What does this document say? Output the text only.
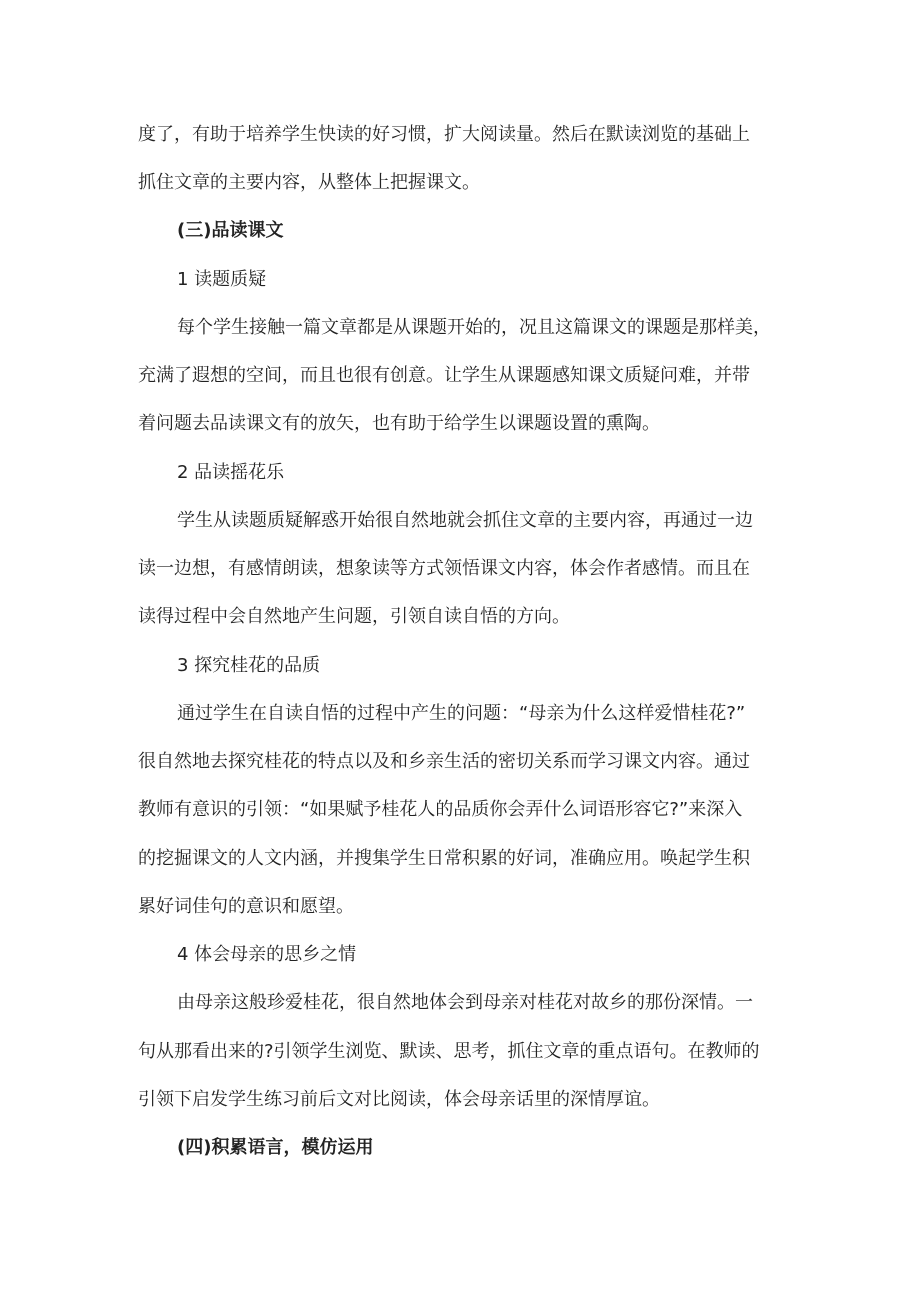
度了，有助于培养学生快读的好习惯，扩大阅读量。然后在默读浏览的基础上
抓住文章的主要内容，从整体上把握课文。
(三)品读课文
1 读题质疑
每个学生接触一篇文章都是从课题开始的，况且这篇课文的课题是那样美，
充满了遐想的空间，而且也很有创意。让学生从课题感知课文质疑问难，并带
着问题去品读课文有的放矢，也有助于给学生以课题设置的熏陶。
2 品读摇花乐
学生从读题质疑解惑开始很自然地就会抓住文章的主要内容，再通过一边
读一边想，有感情朗读，想象读等方式领悟课文内容，体会作者感情。而且在
读得过程中会自然地产生问题，引领自读自悟的方向。
3 探究桂花的品质
通过学生在自读自悟的过程中产生的问题：“母亲为什么这样爱惜桂花?”
很自然地去探究桂花的特点以及和乡亲生活的密切关系而学习课文内容。通过
教师有意识的引领：“如果赋予桂花人的品质你会弄什么词语形容它?”来深入
的挖掘课文的人文内涵，并搜集学生日常积累的好词，准确应用。唤起学生积
累好词佳句的意识和愿望。
4 体会母亲的思乡之情
由母亲这般珍爱桂花，很自然地体会到母亲对桂花对故乡的那份深情。一
句从那看出来的?引领学生浏览、默读、思考，抓住文章的重点语句。在教师的
引领下启发学生练习前后文对比阅读，体会母亲话里的深情厚谊。
(四)积累语言，模仿运用
